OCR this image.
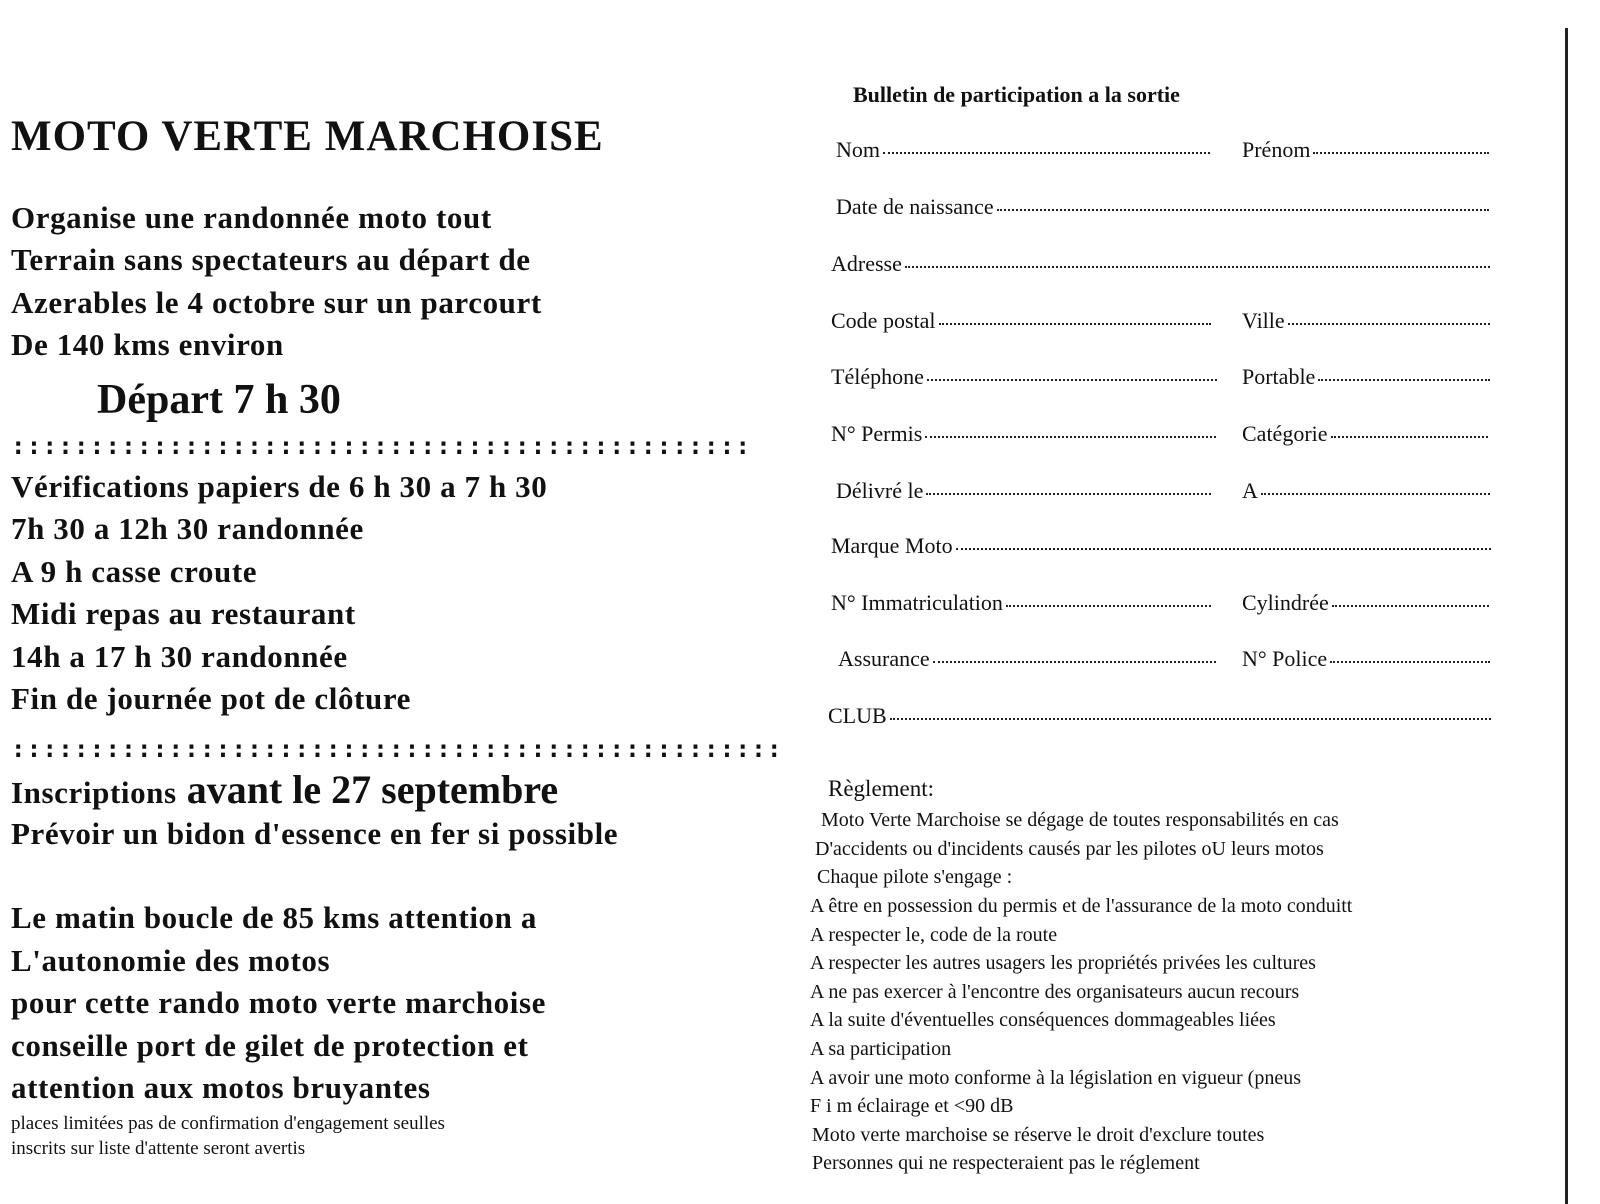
MOTO VERTE MARCHOISE
Organise une randonnée moto tout
Terrain sans spectateurs au départ de
Azerables le 4 octobre sur un parcourt
De 140 kms environ
Départ 7 h 30
:::::::::::::::::::::::::::::::::::::::::::::::
Vérifications papiers de 6 h 30 a 7 h 30
7h 30 a 12h 30 randonnée
A 9 h casse croute
Midi repas au restaurant
14h a 17 h 30 randonnée
Fin de journée pot de clôture
:::::::::::::::::::::::::::::::::::::::::::::::::
Inscriptions avant le 27 septembre
Prévoir un bidon d'essence en fer si possible
Le matin boucle de 85 kms attention a
L'autonomie des motos
pour cette rando moto verte marchoise
conseille port de gilet de protection et
attention aux motos bruyantes
places limitées pas de confirmation d'engagement seulles
inscrits sur liste d'attente seront avertis
Bulletin de participation a la sortie
Nom	Prénom
Date de naissance
Adresse
Code postal	Ville
Téléphone	Portable
N° Permis	Catégorie
Délivré le	A
Marque Moto
N° Immatriculation	Cylindrée
Assurance	N° Police
CLUB
Règlement:
Moto Verte Marchoise se dégage de toutes responsabilités en cas
D'accidents ou d'incidents causés par les pilotes oU leurs motos
Chaque pilote s'engage :
A être en possession du permis et de l'assurance de la moto conduitt
A respecter le, code de la route
A respecter les autres usagers les propriétés privées les cultures
A ne pas exercer à l'encontre des organisateurs aucun recours
A la suite d'éventuelles conséquences dommageables liées
A sa participation
A avoir une moto conforme à la législation en vigueur (pneus
F i m éclairage et <90 dB
Moto verte marchoise se réserve le droit d'exclure toutes
Personnes qui ne respecteraient pas le réglement
